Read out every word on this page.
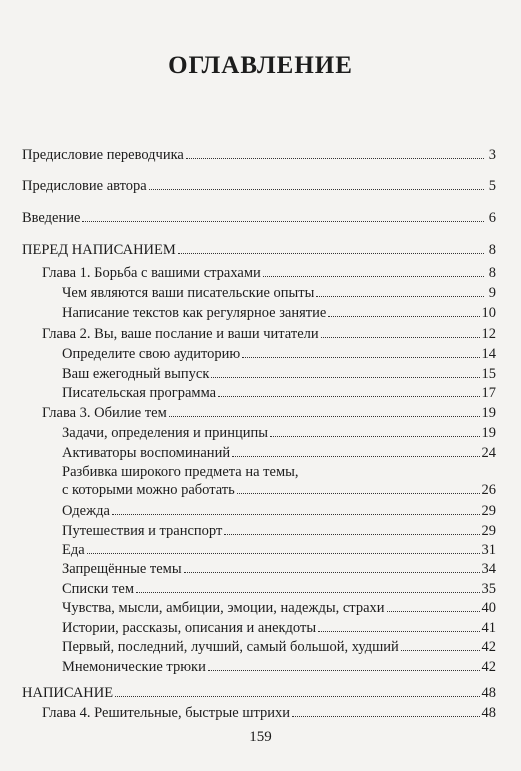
ОГЛАВЛЕНИЕ
Предисловие переводчика	3
Предисловие автора	5
Введение	6
ПЕРЕД НАПИСАНИЕМ	8
Глава 1. Борьба с вашими страхами	8
Чем являются ваши писательские опыты	9
Написание текстов как регулярное занятие	10
Глава 2. Вы, ваше послание и ваши читатели	12
Определите свою аудиторию	14
Ваш ежегодный выпуск	15
Писательская программа	17
Глава 3. Обилие тем	19
Задачи, определения и принципы	19
Активаторы воспоминаний	24
Разбивка широкого предмета на темы,
с которыми можно работать	26
Одежда	29
Путешествия и транспорт	29
Еда	31
Запрещённые темы	34
Списки тем	35
Чувства, мысли, амбиции, эмоции, надежды, страхи	40
Истории, рассказы, описания и анекдоты	41
Первый, последний, лучший, самый большой, худший	42
Мнемонические трюки	42
НАПИСАНИЕ	48
Глава 4. Решительные, быстрые штрихи	48
159
